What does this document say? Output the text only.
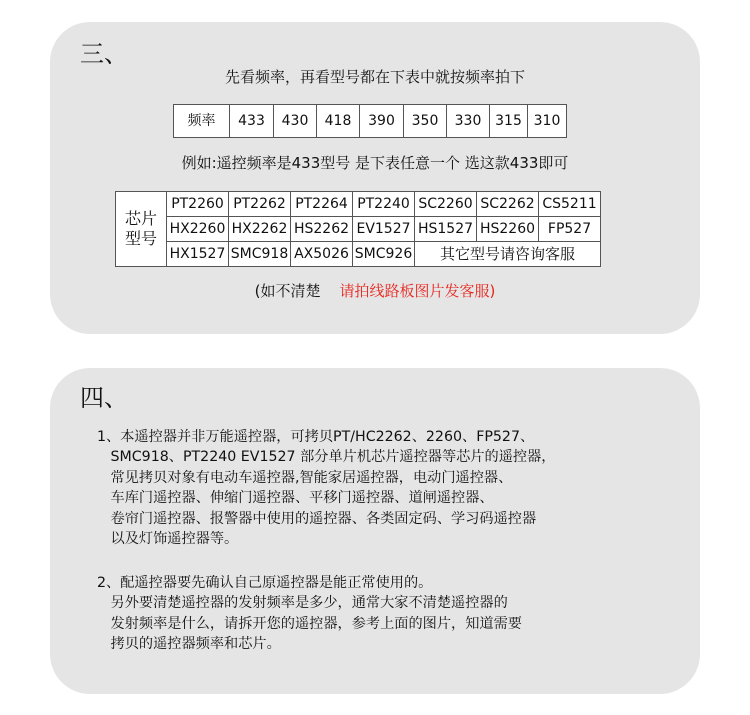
三、
先看频率，再看型号都在下表中就按频率拍下
频率	433	430	418	390	350	330	315	310
例如:遥控频率是433型号 是下表任意一个 选这款433即可
芯片
型号	PT2260	PT2262	PT2264	PT2240	SC2260	SC2262	CS5211
	HX2260	HX2262	HS2262	EV1527	HS1527	HS2260	FP527
	HX1527	SMC918	AX5026	SMC926	其它型号请咨询客服		
(如不清楚 请拍线路板图片发客服)
四、
1、本遥控器并非万能遥控器，可拷贝PT/HC2262、2260、FP527、
SMC918、PT2240 EV1527 部分单片机芯片遥控器等芯片的遥控器，
常见拷贝对象有电动车遥控器,智能家居遥控器，电动门遥控器、
车库门遥控器、伸缩门遥控器、平移门遥控器、道闸遥控器、
卷帘门遥控器、报警器中使用的遥控器、各类固定码、学习码遥控器
以及灯饰遥控器等。
2、配遥控器要先确认自己原遥控器是能正常使用的。
另外要清楚遥控器的发射频率是多少，通常大家不清楚遥控器的
发射频率是什么，请拆开您的遥控器，参考上面的图片，知道需要
拷贝的遥控器频率和芯片。
